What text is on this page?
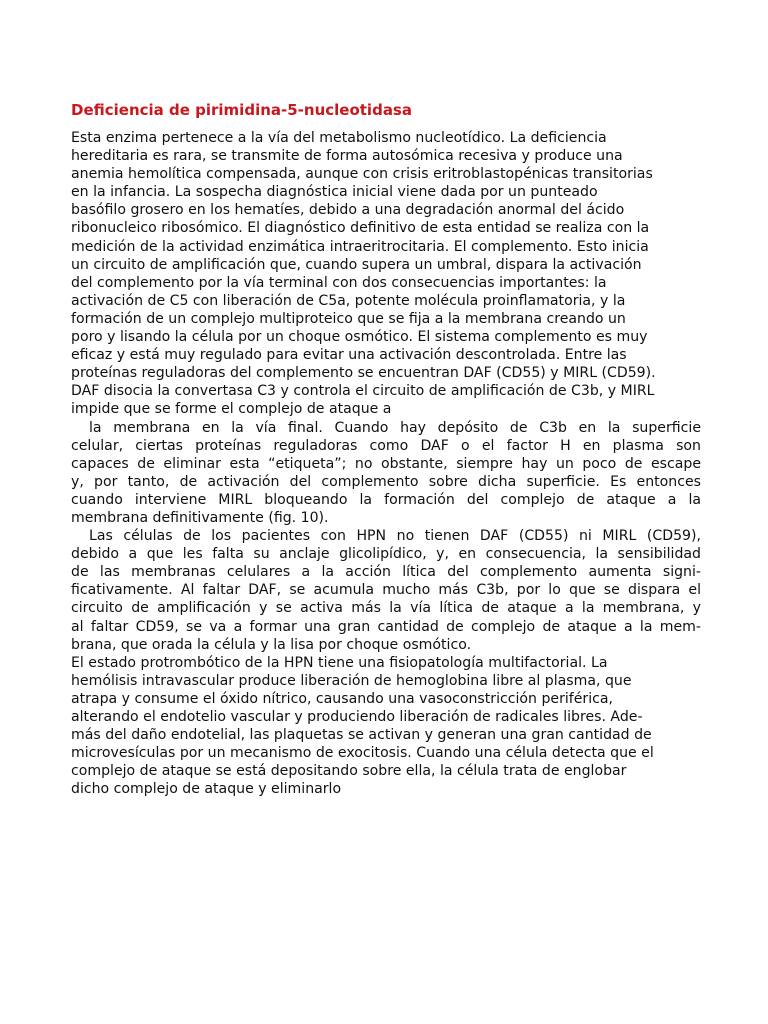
Deficiencia de pirimidina-5-nucleotidasa
Esta enzima pertenece a la vía del metabolismo nucleotídico. La deficiencia
hereditaria es rara, se transmite de forma autosómica recesiva y produce una
anemia hemolítica compensada, aunque con crisis eritroblastopénicas transitorias
en la infancia. La sospecha diagnóstica inicial viene dada por un punteado
basófilo grosero en los hematíes, debido a una degradación anormal del ácido
ribonucleico ribosómico. El diagnóstico definitivo de esta entidad se realiza con la
medición de la actividad enzimática intraeritrocitaria. El complemento. Esto inicia
un circuito de amplificación que, cuando supera un umbral, dispara la activación
del complemento por la vía terminal con dos consecuencias importantes: la
activación de C5 con liberación de C5a, potente molécula proinflamatoria, y la
formación de un complejo multiproteico que se fija a la membrana creando un
poro y lisando la célula por un choque osmótico. El sistema complemento es muy
eficaz y está muy regulado para evitar una activación descontrolada. Entre las
proteínas reguladoras del complemento se encuentran DAF (CD55) y MIRL (CD59).
DAF disocia la convertasa C3 y controla el circuito de amplificación de C3b, y MIRL
impide que se forme el complejo de ataque a
la membrana en la vía final. Cuando hay depósito de C3b en la superficie
celular, ciertas proteínas reguladoras como DAF o el factor H en plasma son
capaces de eliminar esta “etiqueta”; no obstante, siempre hay un poco de escape
y, por tanto, de activación del complemento sobre dicha superficie. Es entonces
cuando interviene MIRL bloqueando la formación del complejo de ataque a la
membrana definitivamente (fig. 10).
Las células de los pacientes con HPN no tienen DAF (CD55) ni MIRL (CD59),
debido a que les falta su anclaje glicolipídico, y, en consecuencia, la sensibilidad
de las membranas celulares a la acción lítica del complemento aumenta signi-
ficativamente. Al faltar DAF, se acumula mucho más C3b, por lo que se dispara el
circuito de amplificación y se activa más la vía lítica de ataque a la membrana, y
al faltar CD59, se va a formar una gran cantidad de complejo de ataque a la mem-
brana, que orada la célula y la lisa por choque osmótico.
El estado protrombótico de la HPN tiene una fisiopatología multifactorial. La
hemólisis intravascular produce liberación de hemoglobina libre al plasma, que
atrapa y consume el óxido nítrico, causando una vasoconstricción periférica,
alterando el endotelio vascular y produciendo liberación de radicales libres. Ade-
más del daño endotelial, las plaquetas se activan y generan una gran cantidad de
microvesículas por un mecanismo de exocitosis. Cuando una célula detecta que el
complejo de ataque se está depositando sobre ella, la célula trata de englobar
dicho complejo de ataque y eliminarlo
